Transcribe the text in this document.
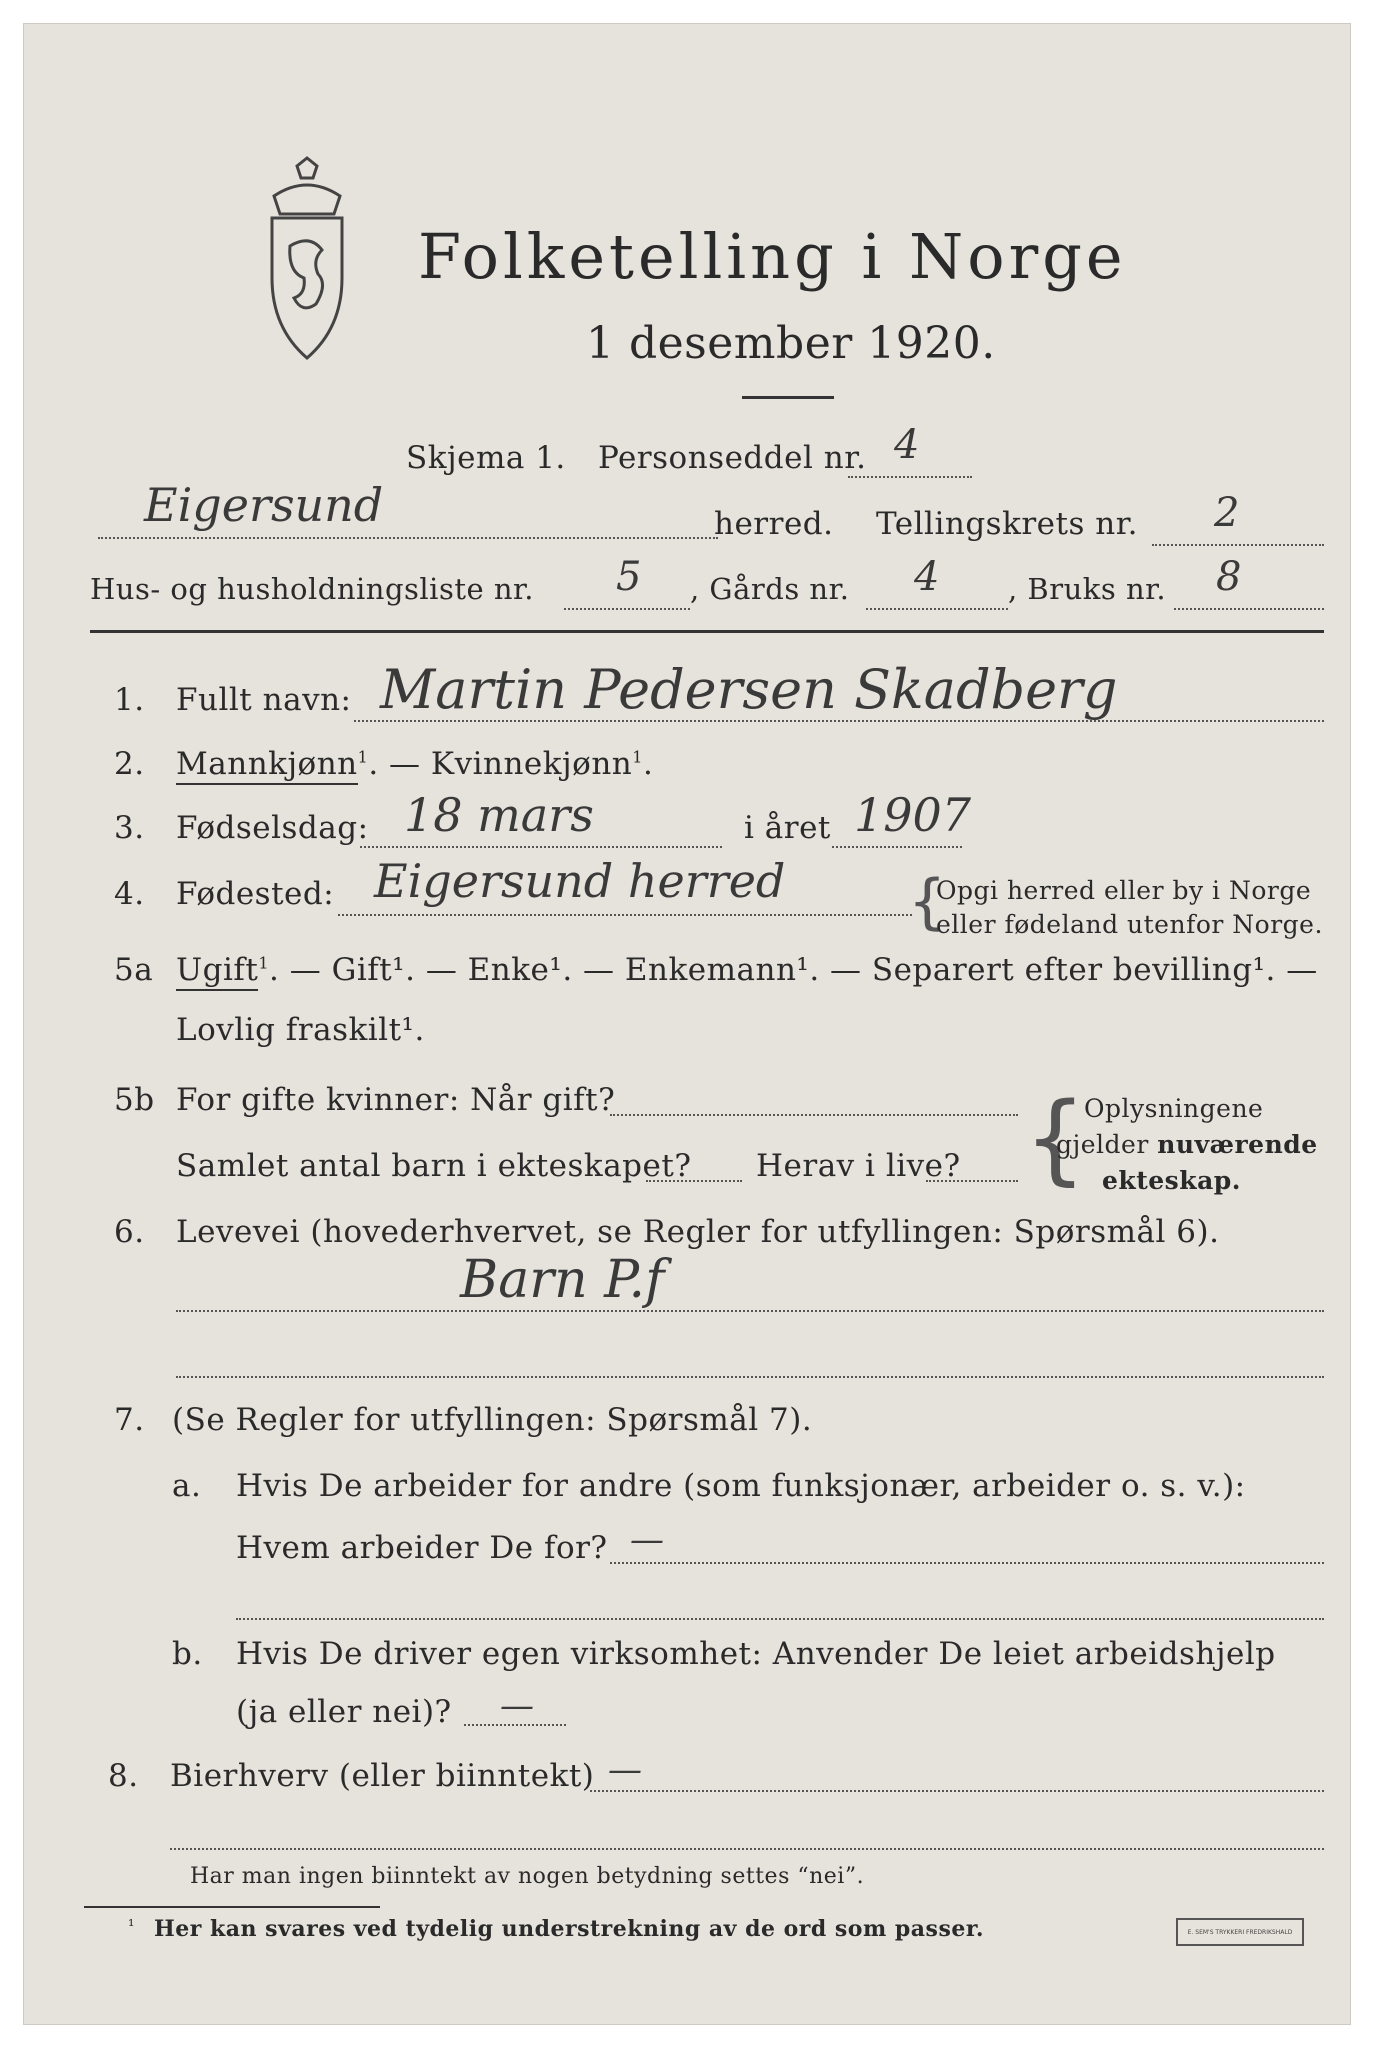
Folketelling i Norge
1 desember 1920.
Skjema 1. Personseddel nr. 4
Eigersund	herred. Tellingskrets nr. 2
Hus- og husholdningsliste nr. 5 , Gårds nr. 4 , Bruks nr. 8
1. Fullt navn: Martin Pedersen Skadberg
2. Mannkjønn$^1$. — Kvinnekjønn$^1$.
3. Fødselsdag: 18 mars	i året 1907
4. Fødested: Eigersund herred {
Opgi herred eller by i Norge
eller fødeland utenfor Norge.
5a Ugift$^1$. — Gift¹. — Enke¹. — Enkemann¹. — Separert efter bevilling¹. —
Lovlig fraskilt¹.
5b For gifte kvinner: Når gift?
Samlet antal barn i ekteskapet? Herav i live? {
Oplysningene
gjelder nuværende
ekteskap.
6. Levevei (hovederhvervet, se Regler for utfyllingen: Spørsmål 6).
Barn P.f
7. (Se Regler for utfyllingen: Spørsmål 7).
a. Hvis De arbeider for andre (som funksjonær, arbeider o. s. v.):
Hvem arbeider De for? —
b. Hvis De driver egen virksomhet: Anvender De leiet arbeidshjelp
(ja eller nei)? —
8. Bierhverv (eller biinntekt) —
Har man ingen biinntekt av nogen betydning settes “nei”.
¹ Her kan svares ved tydelig understrekning av de ord som passer.	E. SEM'S TRYKKERI FREDRIKSHALD
